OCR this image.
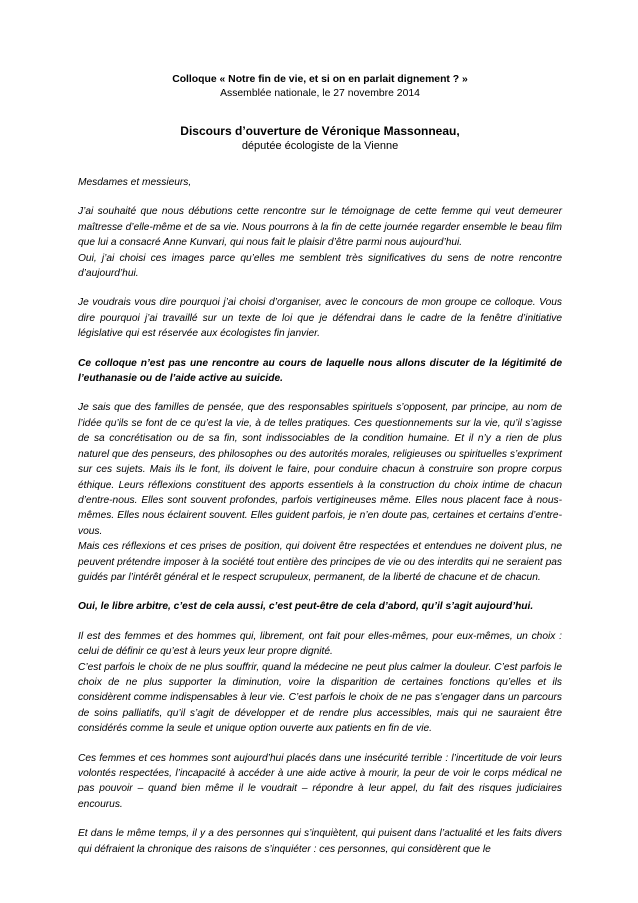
Colloque « Notre fin de vie, et si on en parlait dignement ? »
Assemblée nationale, le 27 novembre 2014
Discours d’ouverture de Véronique Massonneau,
députée écologiste de la Vienne

Mesdames et messieurs,

J’ai souhaité que nous débutions cette rencontre sur le témoignage de cette femme qui veut demeurer maîtresse d’elle-même et de sa vie. Nous pourrons à la fin de cette journée regarder ensemble le beau film que lui a consacré Anne Kunvari, qui nous fait le plaisir d’être parmi nous aujourd’hui.

Oui, j’ai choisi ces images parce qu’elles me semblent très significatives du sens de notre rencontre d’aujourd’hui.

Je voudrais vous dire pourquoi j’ai choisi d’organiser, avec le concours de mon groupe ce colloque. Vous dire pourquoi j’ai travaillé sur un texte de loi que je défendrai dans le cadre de la fenêtre d’initiative législative qui est réservée aux écologistes fin janvier.

Ce colloque n’est pas une rencontre au cours de laquelle nous allons discuter de la légitimité de l’euthanasie ou de l’aide active au suicide.

Je sais que des familles de pensée, que des responsables spirituels s’opposent, par principe, au nom de l’idée qu’ils se font de ce qu’est la vie, à de telles pratiques. Ces questionnements sur la vie, qu’il s’agisse de sa concrétisation ou de sa fin, sont indissociables de la condition humaine. Et il n’y a rien de plus naturel que des penseurs, des philosophes ou des autorités morales, religieuses ou spirituelles s’expriment sur ces sujets. Mais ils le font, ils doivent le faire, pour conduire chacun à construire son propre corpus éthique. Leurs réflexions constituent des apports essentiels à la construction du choix intime de chacun d’entre-nous. Elles sont souvent profondes, parfois vertigineuses même. Elles nous placent face à nous-mêmes. Elles nous éclairent souvent. Elles guident parfois, je n’en doute pas, certaines et certains d’entre-vous.

Mais ces réflexions et ces prises de position, qui doivent être respectées et entendues ne doivent plus, ne peuvent prétendre imposer à la société tout entière des principes de vie ou des interdits qui ne seraient pas guidés par l’intérêt général et le respect scrupuleux, permanent, de la liberté de chacune et de chacun.

Oui, le libre arbitre, c’est de cela aussi, c’est peut-être de cela d’abord, qu’il s’agit aujourd’hui.

Il est des femmes et des hommes qui, librement, ont fait pour elles-mêmes, pour eux-mêmes, un choix : celui de définir ce qu’est à leurs yeux leur propre dignité.

C’est parfois le choix de ne plus souffrir, quand la médecine ne peut plus calmer la douleur. C’est parfois le choix de ne plus supporter la diminution, voire la disparition de certaines fonctions qu’elles et ils considèrent comme indispensables à leur vie. C’est parfois le choix de ne pas s’engager dans un parcours de soins palliatifs, qu’il s’agit de développer et de rendre plus accessibles, mais qui ne sauraient être considérés comme la seule et unique option ouverte aux patients en fin de vie.

Ces femmes et ces hommes sont aujourd’hui placés dans une insécurité terrible : l’incertitude de voir leurs volontés respectées, l’incapacité à accéder à une aide active à mourir, la peur de voir le corps médical ne pas pouvoir – quand bien même il le voudrait – répondre à leur appel, du fait des risques judiciaires encourus.

Et dans le même temps, il y a des personnes qui s’inquiètent, qui puisent dans l’actualité et les faits divers qui défraient la chronique des raisons de s’inquiéter : ces personnes, qui considèrent que le
